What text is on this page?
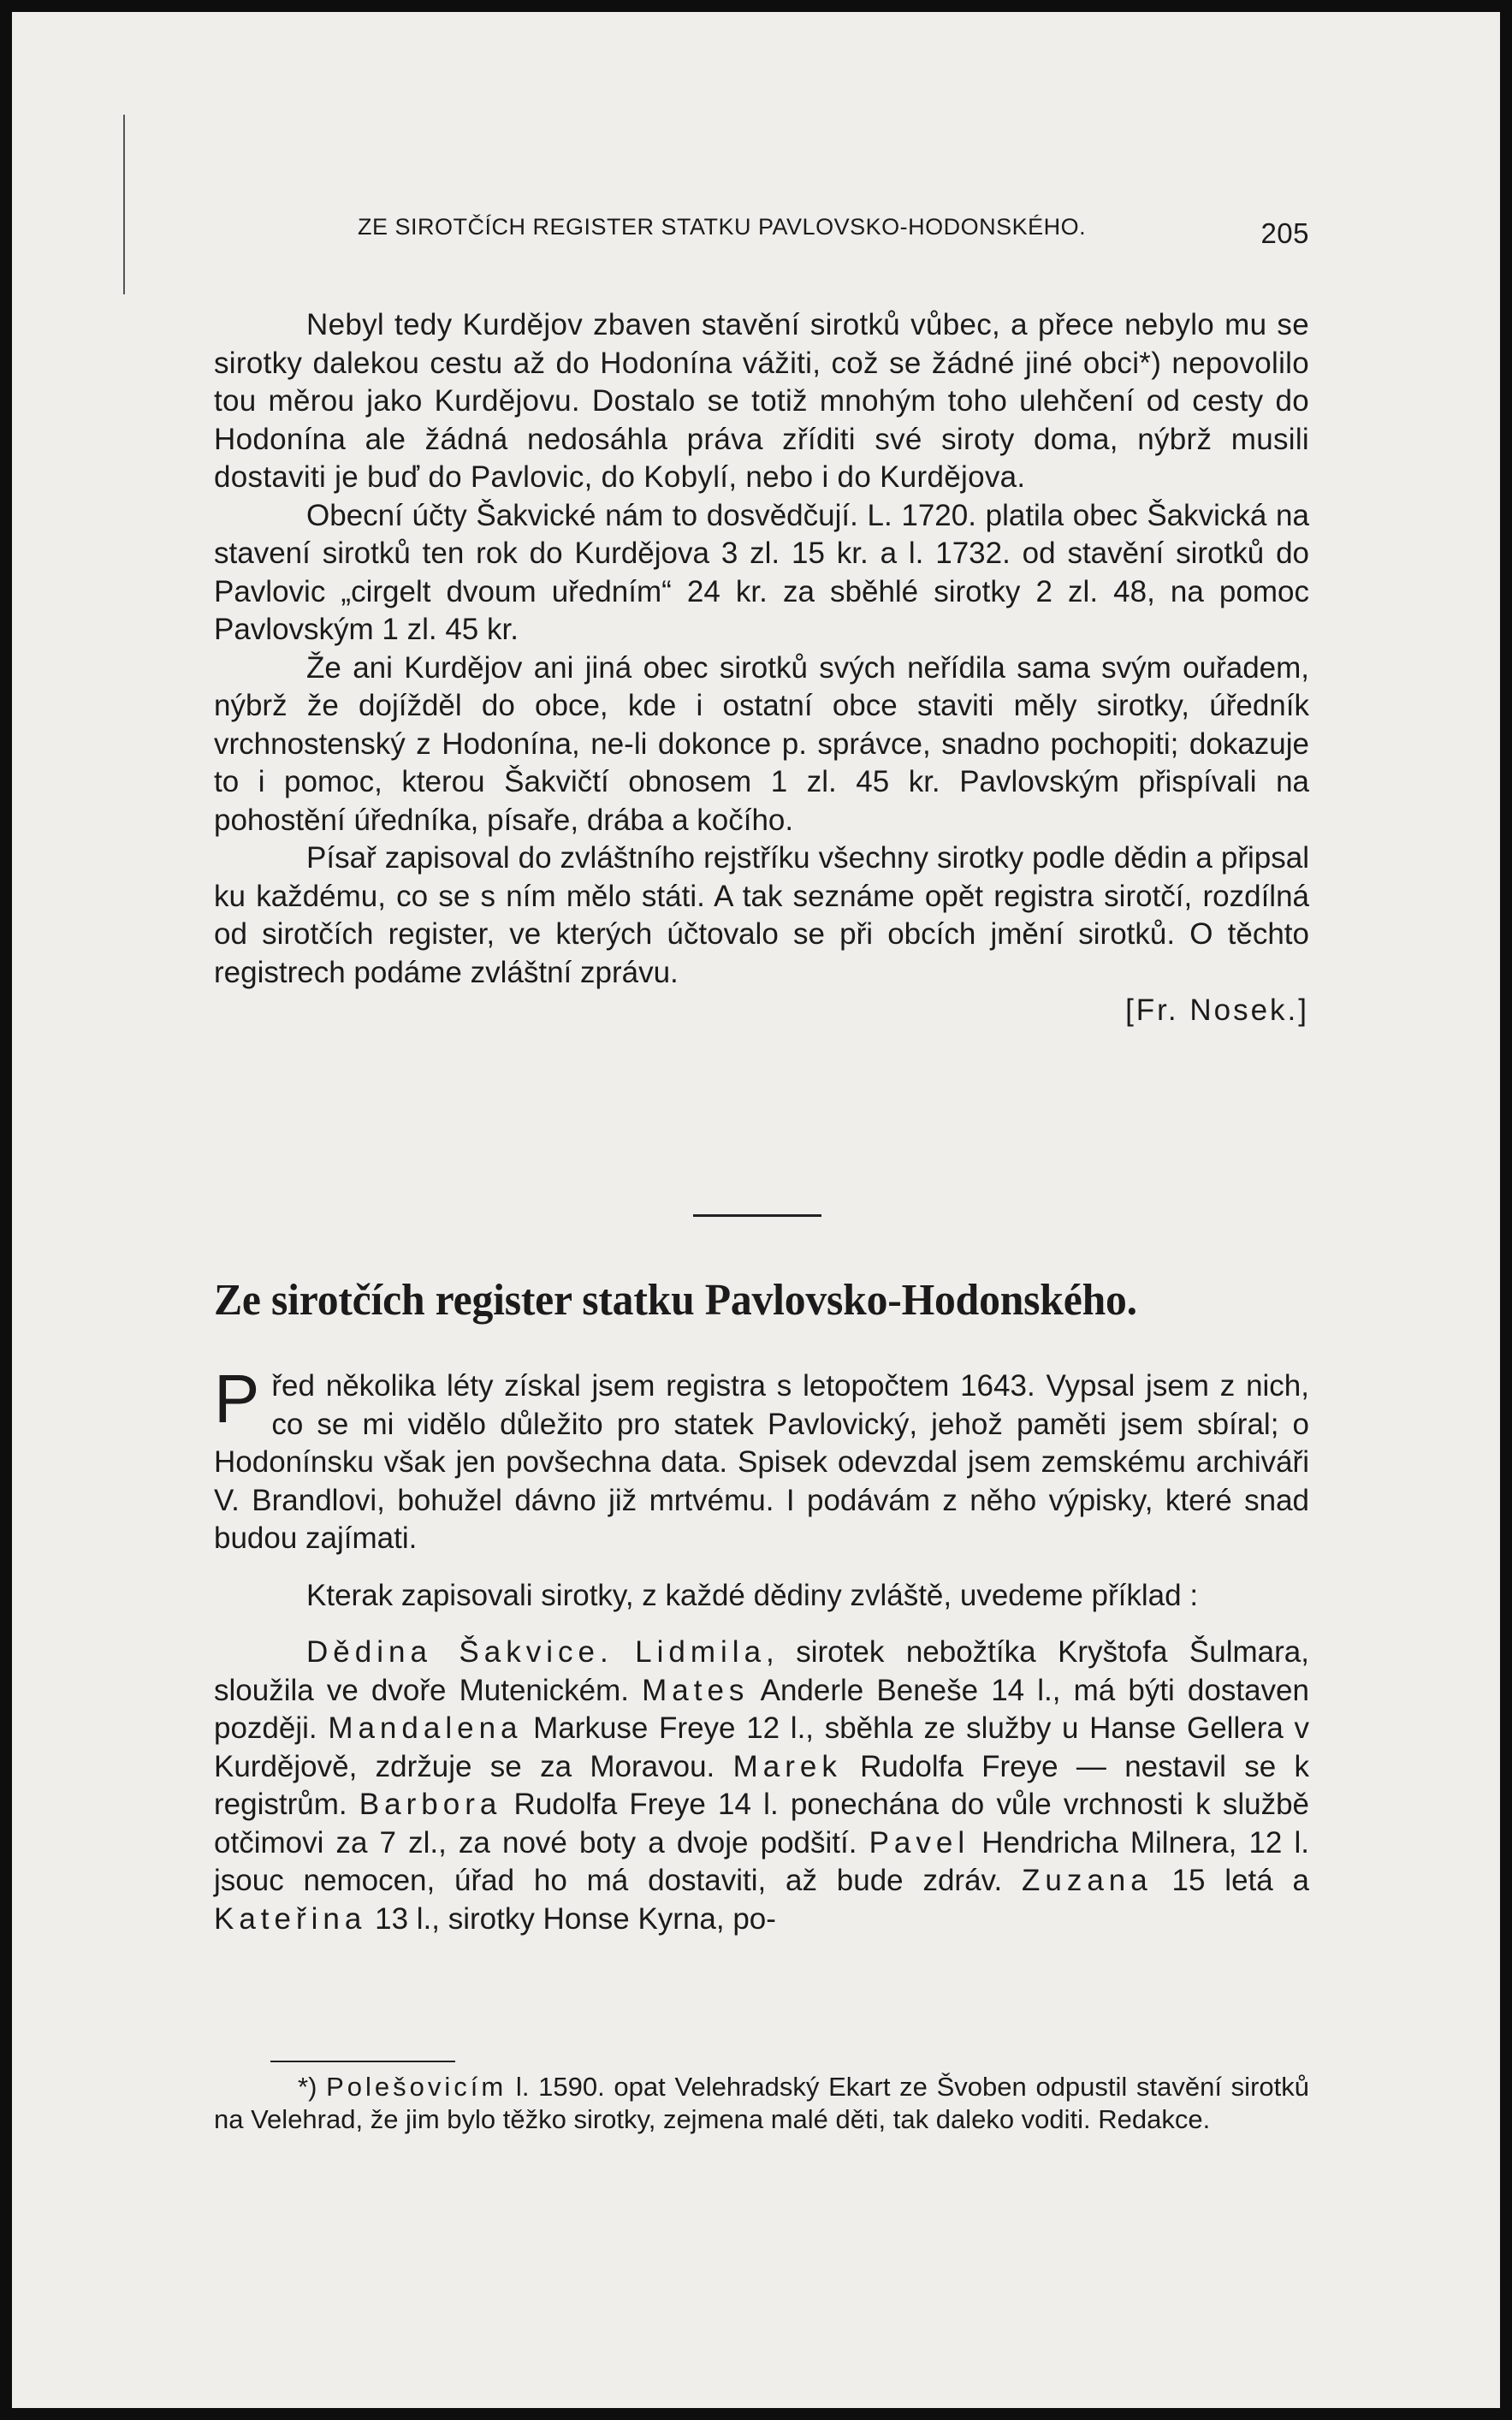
ZE SIROTČÍCH REGISTER STATKU PAVLOVSKO-HODONSKÉHO.	205

Nebyl tedy Kurdějov zbaven stavění sirotků vůbec, a přece nebylo mu se sirotky dalekou cestu až do Hodonína vážiti, což se žádné jiné obci*) nepovolilo tou měrou jako Kurdějovu. Dostalo se totiž mnohým toho ulehčení od cesty do Hodonína ale žádná nedosáhla práva zříditi své siroty doma, nýbrž musili dostaviti je buď do Pavlovic, do Kobylí, nebo i do Kurdějova.

Obecní účty Šakvické nám to dosvědčují. L. 1720. platila obec Šakvická na stavení sirotků ten rok do Kurdějova 3 zl. 15 kr. a l. 1732. od stavění sirotků do Pavlovic „cirgelt dvoum uředním“ 24 kr. za sběhlé sirotky 2 zl. 48, na pomoc Pavlovským 1 zl. 45 kr.

Že ani Kurdějov ani jiná obec sirotků svých neřídila sama svým ouřadem, nýbrž že dojížděl do obce, kde i ostatní obce staviti měly sirotky, úředník vrchnostenský z Hodonína, ne-li dokonce p. správce, snadno pochopiti; dokazuje to i pomoc, kterou Šakvičtí obnosem 1 zl. 45 kr. Pavlovským přispívali na pohostění úředníka, písaře, drába a kočího.

Písař zapisoval do zvláštního rejstříku všechny sirotky podle dědin a připsal ku každému, co se s ním mělo státi. A tak seznáme opět registra sirotčí, rozdílná od sirotčích register, ve kterých účtovalo se při obcích jmění sirotků. O těchto registrech podáme zvláštní zprávu.

[Fr. Nosek.]
Ze sirotčích register statku Pavlovsko-Hodonského.

Před několika léty získal jsem registra s letopočtem 1643. Vypsal jsem z nich, co se mi vidělo důležito pro statek Pavlovický, jehož paměti jsem sbíral; o Hodonínsku však jen povšechna data. Spisek odevzdal jsem zemskému archiváři V. Brandlovi, bohužel dávno již mrtvému. I podávám z něho výpisky, které snad budou zajímati.

Kterak zapisovali sirotky, z každé dědiny zvláště, uvedeme příklad :

Dědina Šakvice. Lidmila, sirotek nebožtíka Kryštofa Šulmara, sloužila ve dvoře Mutenickém. Mates Anderle Beneše 14 l., má býti dostaven později. Mandalena Markuse Freye 12 l., sběhla ze služby u Hanse Gellera v Kurdějově, zdržuje se za Moravou. Marek Rudolfa Freye — nestavil se k registrům. Barbora Rudolfa Freye 14 l. ponechána do vůle vrchnosti k službě otčimovi za 7 zl., za nové boty a dvoje podšití. Pavel Hendricha Milnera, 12 l. jsouc nemocen, úřad ho má dostaviti, až bude zdráv. Zuzana 15 letá a Kateřina 13 l., sirotky Honse Kyrna, po-

*) Polešovicím l. 1590. opat Velehradský Ekart ze Švoben odpustil stavění sirotků na Velehrad, že jim bylo těžko sirotky, zejmena malé děti, tak daleko voditi. Redakce.
